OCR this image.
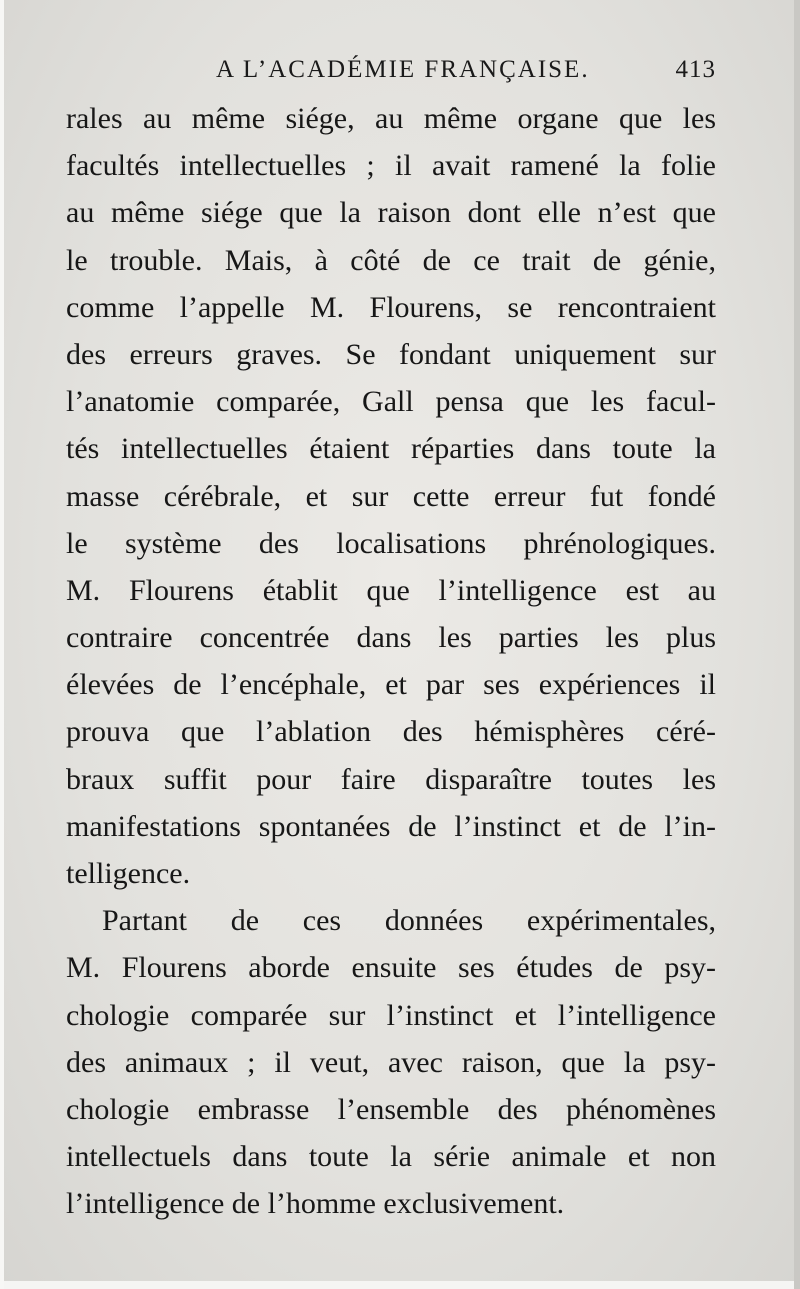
A L’ACADÉMIE FRANÇAISE.	413
rales au même siége, au même organe que les
facultés intellectuelles ; il avait ramené la folie
au même siége que la raison dont elle n’est que
le trouble. Mais, à côté de ce trait de génie,
comme l’appelle M. Flourens, se rencontraient
des erreurs graves. Se fondant uniquement sur
l’anatomie comparée, Gall pensa que les facul-
tés intellectuelles étaient réparties dans toute la
masse cérébrale, et sur cette erreur fut fondé
le système des localisations phrénologiques.
M. Flourens établit que l’intelligence est au
contraire concentrée dans les parties les plus
élevées de l’encéphale, et par ses expériences il
prouva que l’ablation des hémisphères céré-
braux suffit pour faire disparaître toutes les
manifestations spontanées de l’instinct et de l’in-
telligence.
Partant de ces données expérimentales,
M. Flourens aborde ensuite ses études de psy-
chologie comparée sur l’instinct et l’intelligence
des animaux ; il veut, avec raison, que la psy-
chologie embrasse l’ensemble des phénomènes
intellectuels dans toute la série animale et non
l’intelligence de l’homme exclusivement.
